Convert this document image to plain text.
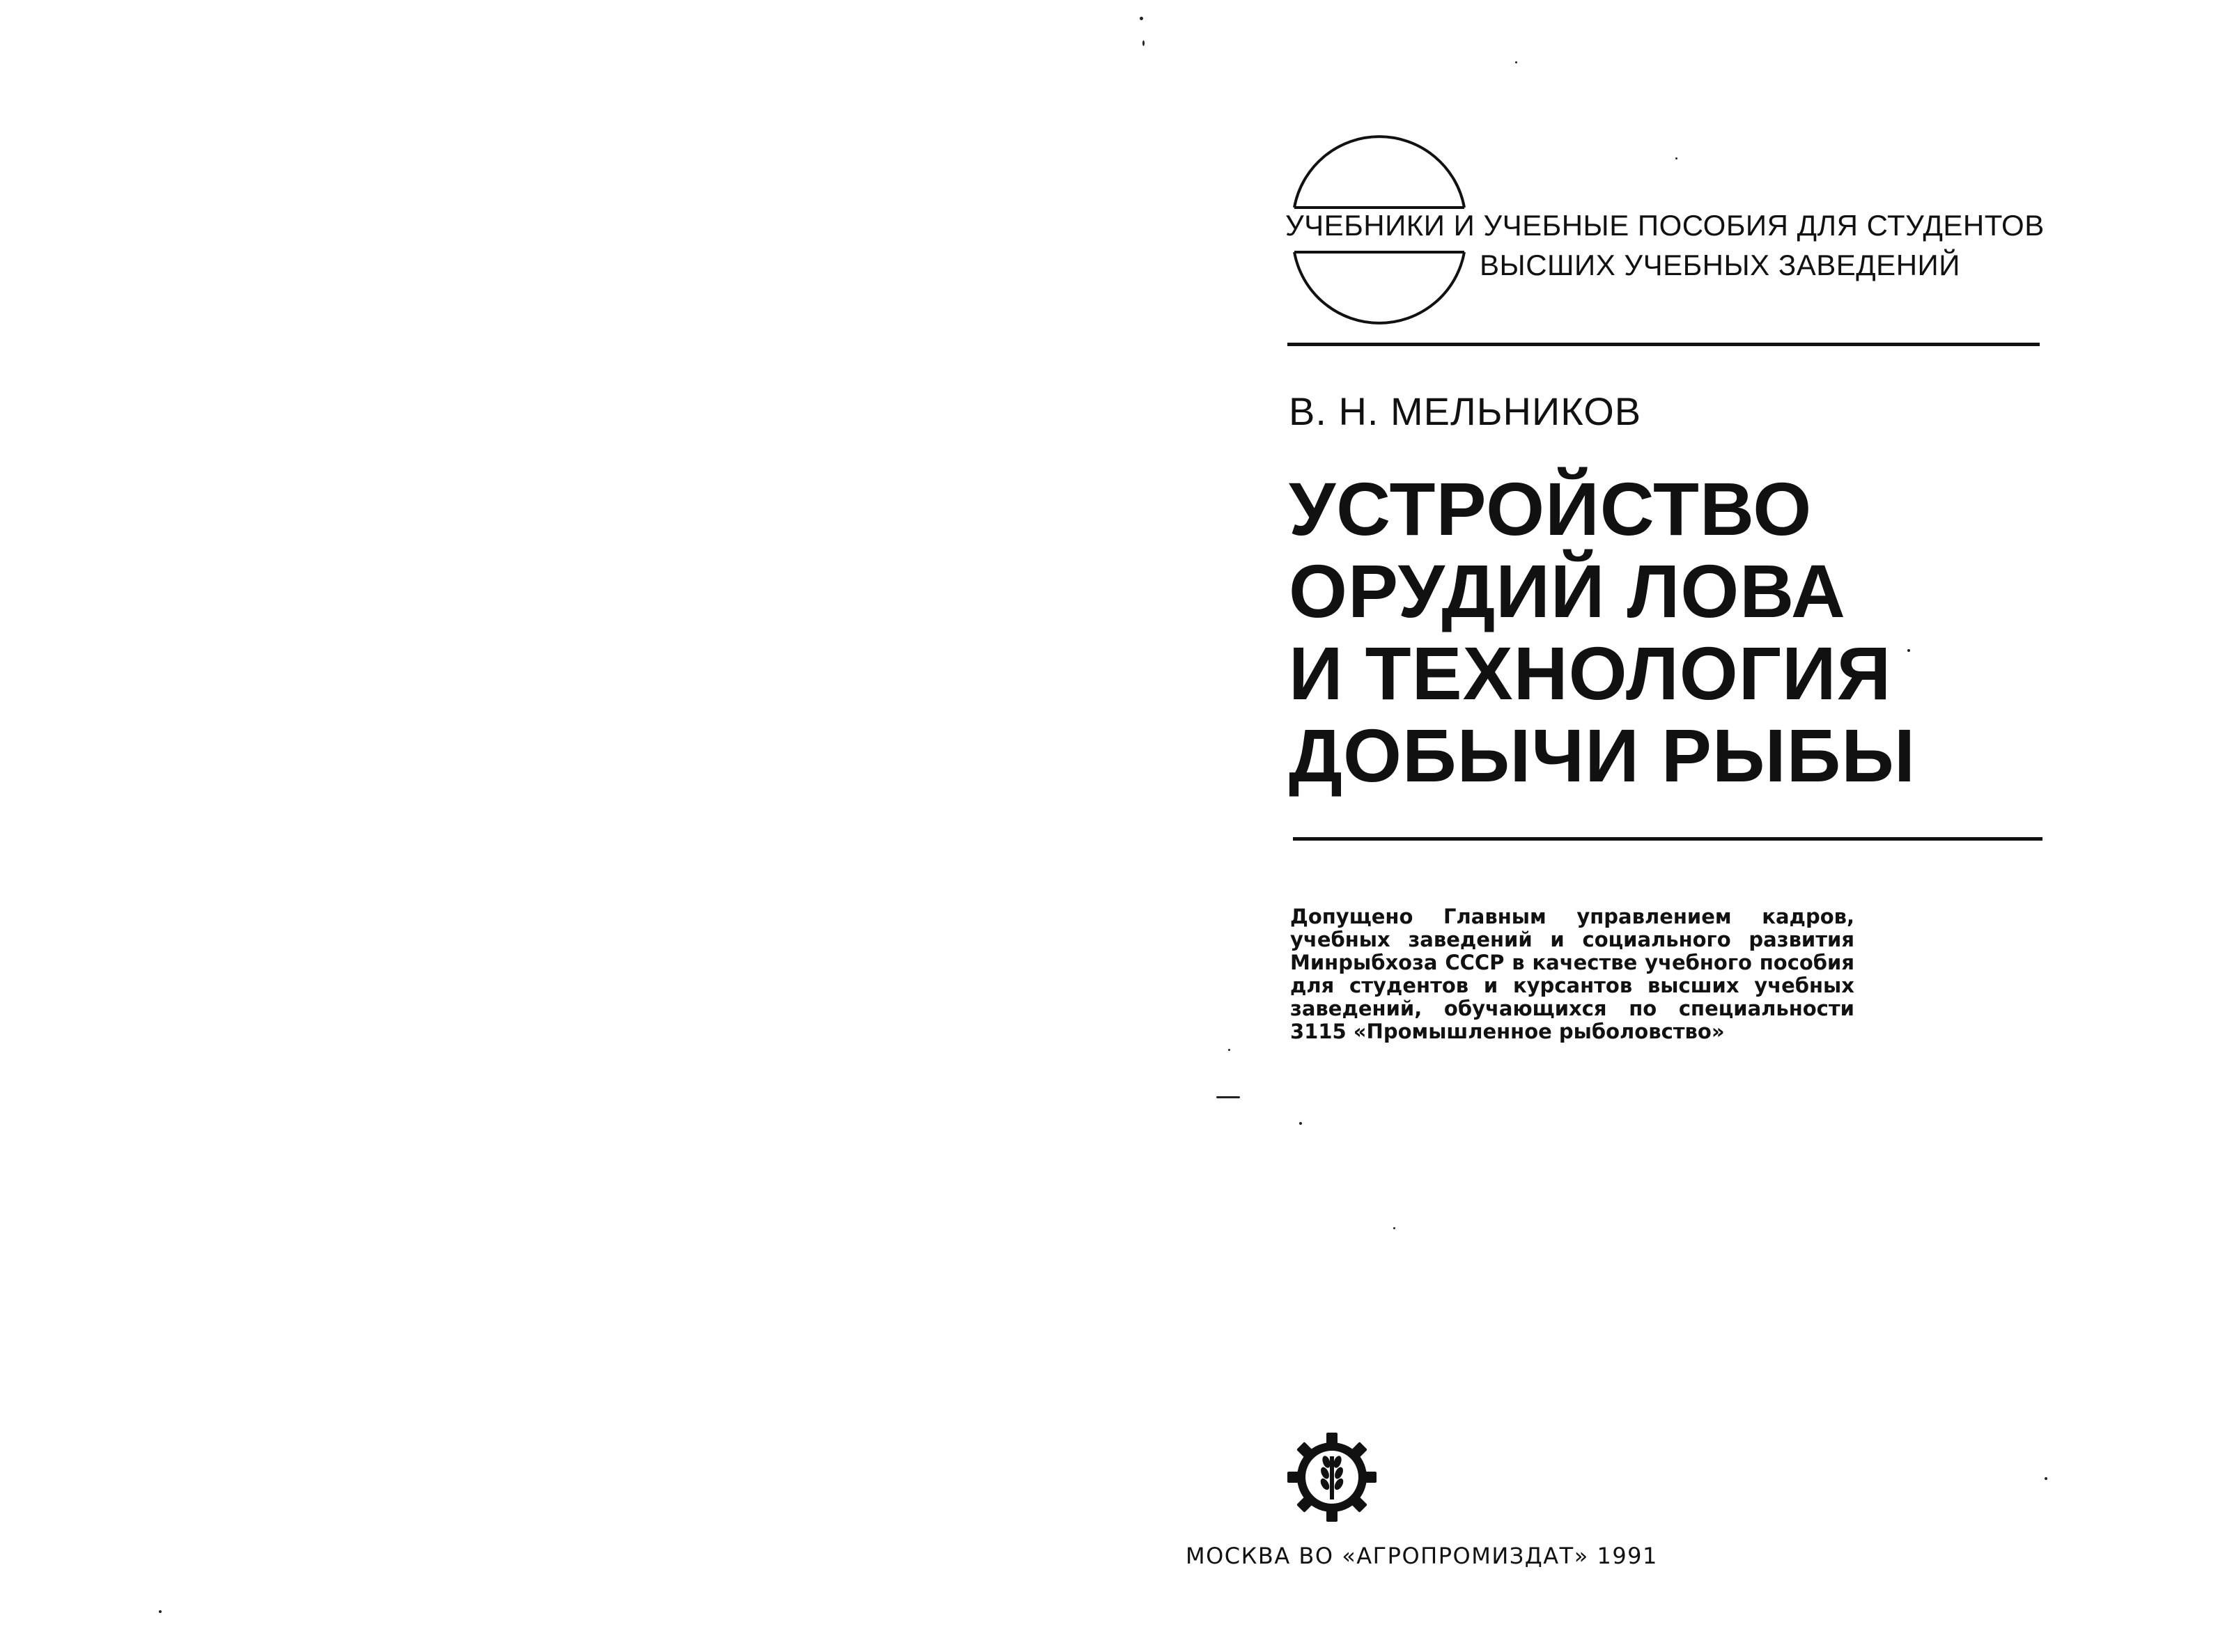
УЧЕБНИКИ И УЧЕБНЫЕ ПОСОБИЯ ДЛЯ СТУДЕНТОВ
ВЫСШИХ УЧЕБНЫХ ЗАВЕДЕНИЙ
В. Н. МЕЛЬНИКОВ
УСТРОЙСТВО
ОРУДИЙ ЛОВА
И ТЕХНОЛОГИЯ
ДОБЫЧИ РЫБЫ
Допущено Главным управлением кадров, учебных заведений и социального развития Минрыбхоза СССР в качестве учебного пособия для студентов и курсантов высших учебных заведений, обучающихся по специальности 3115 «Промышленное рыболовство»
МОСКВА ВО «АГРОПРОМИЗДАТ» 1991
